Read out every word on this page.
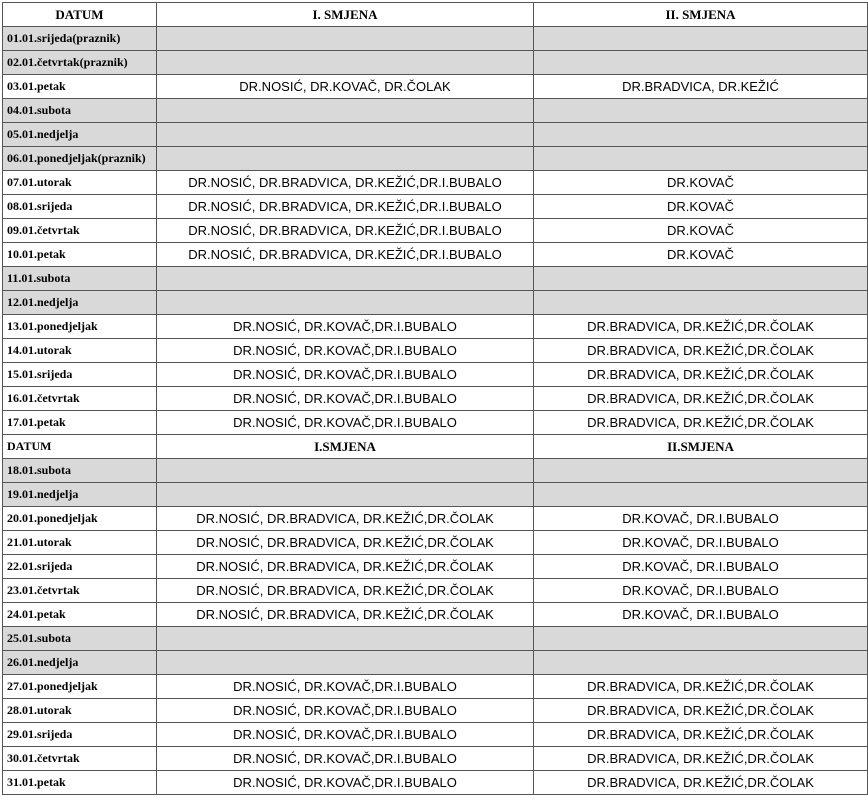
DATUM	I. SMJENA	II. SMJENA
01.01.srijeda(praznik)		
02.01.četvrtak(praznik)		
03.01.petak	DR.NOSIĆ, DR.KOVAČ, DR.ČOLAK	DR.BRADVICA, DR.KEŽIĆ
04.01.subota		
05.01.nedjelja		
06.01.ponedjeljak(praznik)		
07.01.utorak	DR.NOSIĆ, DR.BRADVICA, DR.KEŽIĆ,DR.I.BUBALO	DR.KOVAČ
08.01.srijeda	DR.NOSIĆ, DR.BRADVICA, DR.KEŽIĆ,DR.I.BUBALO	DR.KOVAČ
09.01.četvrtak	DR.NOSIĆ, DR.BRADVICA, DR.KEŽIĆ,DR.I.BUBALO	DR.KOVAČ
10.01.petak	DR.NOSIĆ, DR.BRADVICA, DR.KEŽIĆ,DR.I.BUBALO	DR.KOVAČ
11.01.subota		
12.01.nedjelja		
13.01.ponedjeljak	DR.NOSIĆ, DR.KOVAČ,DR.I.BUBALO	DR.BRADVICA, DR.KEŽIĆ,DR.ČOLAK
14.01.utorak	DR.NOSIĆ, DR.KOVAČ,DR.I.BUBALO	DR.BRADVICA, DR.KEŽIĆ,DR.ČOLAK
15.01.srijeda	DR.NOSIĆ, DR.KOVAČ,DR.I.BUBALO	DR.BRADVICA, DR.KEŽIĆ,DR.ČOLAK
16.01.četvrtak	DR.NOSIĆ, DR.KOVAČ,DR.I.BUBALO	DR.BRADVICA, DR.KEŽIĆ,DR.ČOLAK
17.01.petak	DR.NOSIĆ, DR.KOVAČ,DR.I.BUBALO	DR.BRADVICA, DR.KEŽIĆ,DR.ČOLAK
DATUM	I.SMJENA	II.SMJENA
18.01.subota		
19.01.nedjelja		
20.01.ponedjeljak	DR.NOSIĆ, DR.BRADVICA, DR.KEŽIĆ,DR.ČOLAK	DR.KOVAČ, DR.I.BUBALO
21.01.utorak	DR.NOSIĆ, DR.BRADVICA, DR.KEŽIĆ,DR.ČOLAK	DR.KOVAČ, DR.I.BUBALO
22.01.srijeda	DR.NOSIĆ, DR.BRADVICA, DR.KEŽIĆ,DR.ČOLAK	DR.KOVAČ, DR.I.BUBALO
23.01.četvrtak	DR.NOSIĆ, DR.BRADVICA, DR.KEŽIĆ,DR.ČOLAK	DR.KOVAČ, DR.I.BUBALO
24.01.petak	DR.NOSIĆ, DR.BRADVICA, DR.KEŽIĆ,DR.ČOLAK	DR.KOVAČ, DR.I.BUBALO
25.01.subota		
26.01.nedjelja		
27.01.ponedjeljak	DR.NOSIĆ, DR.KOVAČ,DR.I.BUBALO	DR.BRADVICA, DR.KEŽIĆ,DR.ČOLAK
28.01.utorak	DR.NOSIĆ, DR.KOVAČ,DR.I.BUBALO	DR.BRADVICA, DR.KEŽIĆ,DR.ČOLAK
29.01.srijeda	DR.NOSIĆ, DR.KOVAČ,DR.I.BUBALO	DR.BRADVICA, DR.KEŽIĆ,DR.ČOLAK
30.01.četvrtak	DR.NOSIĆ, DR.KOVAČ,DR.I.BUBALO	DR.BRADVICA, DR.KEŽIĆ,DR.ČOLAK
31.01.petak	DR.NOSIĆ, DR.KOVAČ,DR.I.BUBALO	DR.BRADVICA, DR.KEŽIĆ,DR.ČOLAK
